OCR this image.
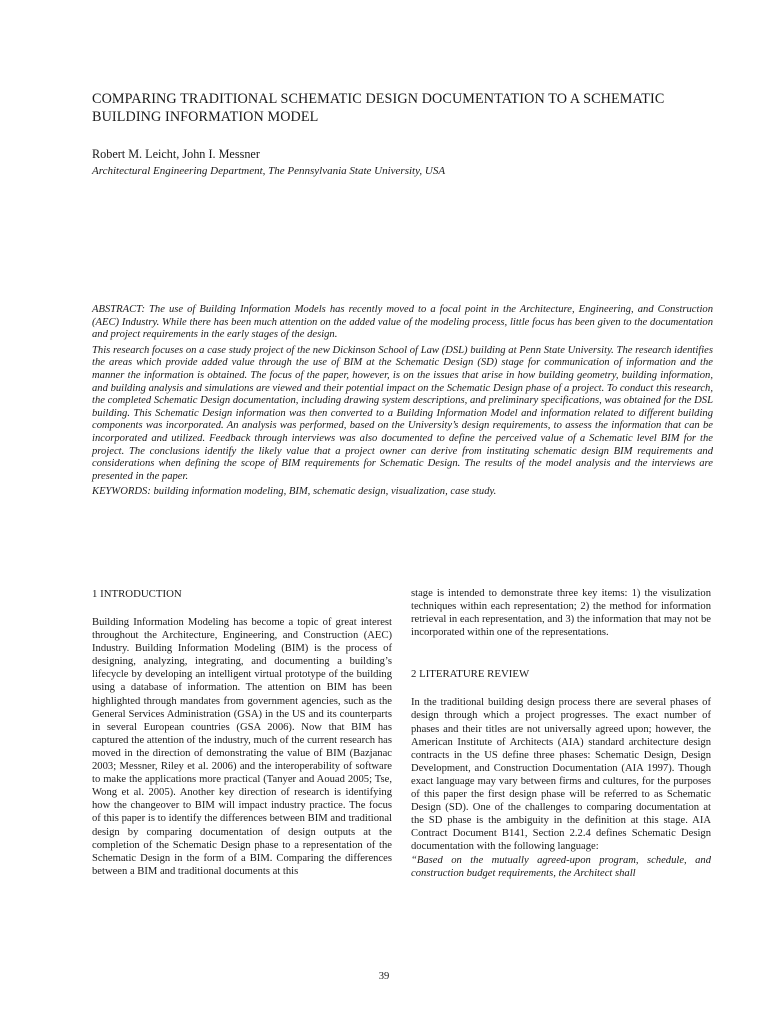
COMPARING TRADITIONAL SCHEMATIC DESIGN DOCUMENTATION TO A SCHEMATIC BUILDING INFORMATION MODEL

Robert M. Leicht, John I. Messner

Architectural Engineering Department, The Pennsylvania State University, USA

ABSTRACT: The use of Building Information Models has recently moved to a focal point in the Architecture, Engineering, and Construction (AEC) Industry. While there has been much attention on the added value of the modeling process, little focus has been given to the documentation and project requirements in the early stages of the design.

This research focuses on a case study project of the new Dickinson School of Law (DSL) building at Penn State University. The research identifies the areas which provide added value through the use of BIM at the Schematic Design (SD) stage for communication of information and the manner the information is obtained. The focus of the paper, however, is on the issues that arise in how building geometry, building information, and building analysis and simulations are viewed and their potential impact on the Schematic Design phase of a project. To conduct this research, the completed Schematic Design documentation, including drawing system descriptions, and preliminary specifications, was obtained for the DSL building. This Schematic Design information was then converted to a Building Information Model and information related to different building components was incorporated. An analysis was performed, based on the University’s design requirements, to assess the information that can be incorporated and utilized. Feedback through interviews was also documented to define the perceived value of a Schematic level BIM for the project. The conclusions identify the likely value that a project owner can derive from instituting schematic design BIM requirements and considerations when defining the scope of BIM requirements for Schematic Design. The results of the model analysis and the interviews are presented in the paper.

KEYWORDS: building information modeling, BIM, schematic design, visualization, case study.

1 INTRODUCTION

Building Information Modeling has become a topic of great interest throughout the Architecture, Engineering, and Construction (AEC) Industry. Building Information Modeling (BIM) is the process of designing, analyzing, integrating, and documenting a building’s lifecycle by developing an intelligent virtual prototype of the building using a database of information. The attention on BIM has been highlighted through mandates from government agencies, such as the General Services Administration (GSA) in the US and its counterparts in several European countries (GSA 2006). Now that BIM has captured the attention of the industry, much of the current research has moved in the direction of demonstrating the value of BIM (Bazjanac 2003; Messner, Riley et al. 2006) and the interoperability of software to make the applications more practical (Tanyer and Aouad 2005; Tse, Wong et al. 2005). Another key direction of research is identifying how the changeover to BIM will impact industry practice. The focus of this paper is to identify the differences between BIM and traditional design by comparing documentation of design outputs at the completion of the Schematic Design phase to a representation of the Schematic Design in the form of a BIM. Comparing the differences between a BIM and traditional documents at this

stage is intended to demonstrate three key items: 1) the visulization techniques within each representation; 2) the method for information retrieval in each representation, and 3) the information that may not be incorporated within one of the representations.

2 LITERATURE REVIEW

In the traditional building design process there are several phases of design through which a project progresses. The exact number of phases and their titles are not universally agreed upon; however, the American Institute of Architects (AIA) standard architecture design contracts in the US define three phases: Schematic Design, Design Development, and Construction Documentation (AIA 1997). Though exact language may vary between firms and cultures, for the purposes of this paper the first design phase will be referred to as Schematic Design (SD). One of the challenges to comparing documentation at the SD phase is the ambiguity in the definition at this stage. AIA Contract Document B141, Section 2.2.4 defines Schematic Design documentation with the following language:

“Based on the mutually agreed-upon program, schedule, and construction budget requirements, the Architect shall

39
